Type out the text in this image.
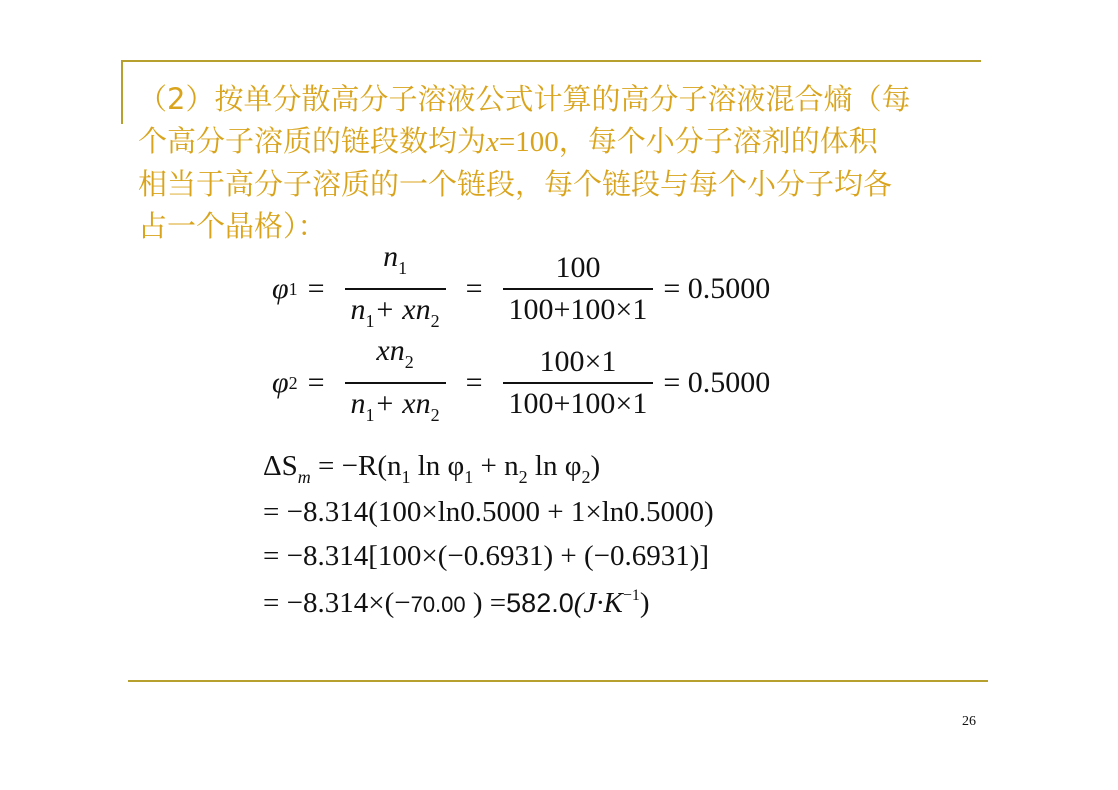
（2）按单分散高分子溶液公式计算的高分子溶液混合熵（每

个高分子溶质的链段数均为x=100，每个小分子溶剂的体积

相当于高分子溶质的一个链段，每个链段与每个小分子均各

占一个晶格）：

φ $1 = \frac{n_1}{n_1+ xn_2} = \frac{100}{100+100\times 1} = 0.5000$
φ $2 = \frac{xn_2}{n_1+ xn_2} = \frac{100\times 1}{100+100\times 1} = 0.5000$
$\Delta S_m = -R(n_1$ $\ln \varphi_1 + n_2$ $\ln \varphi_2$)
= −8.314(100×ln0.5000 + 1×ln0.5000)
= −8.314[100×(−0.6931) + (−0.6931)]
= −8.314×(−70.00 ) $=582.0(J\cdot K^{-1})$
26
